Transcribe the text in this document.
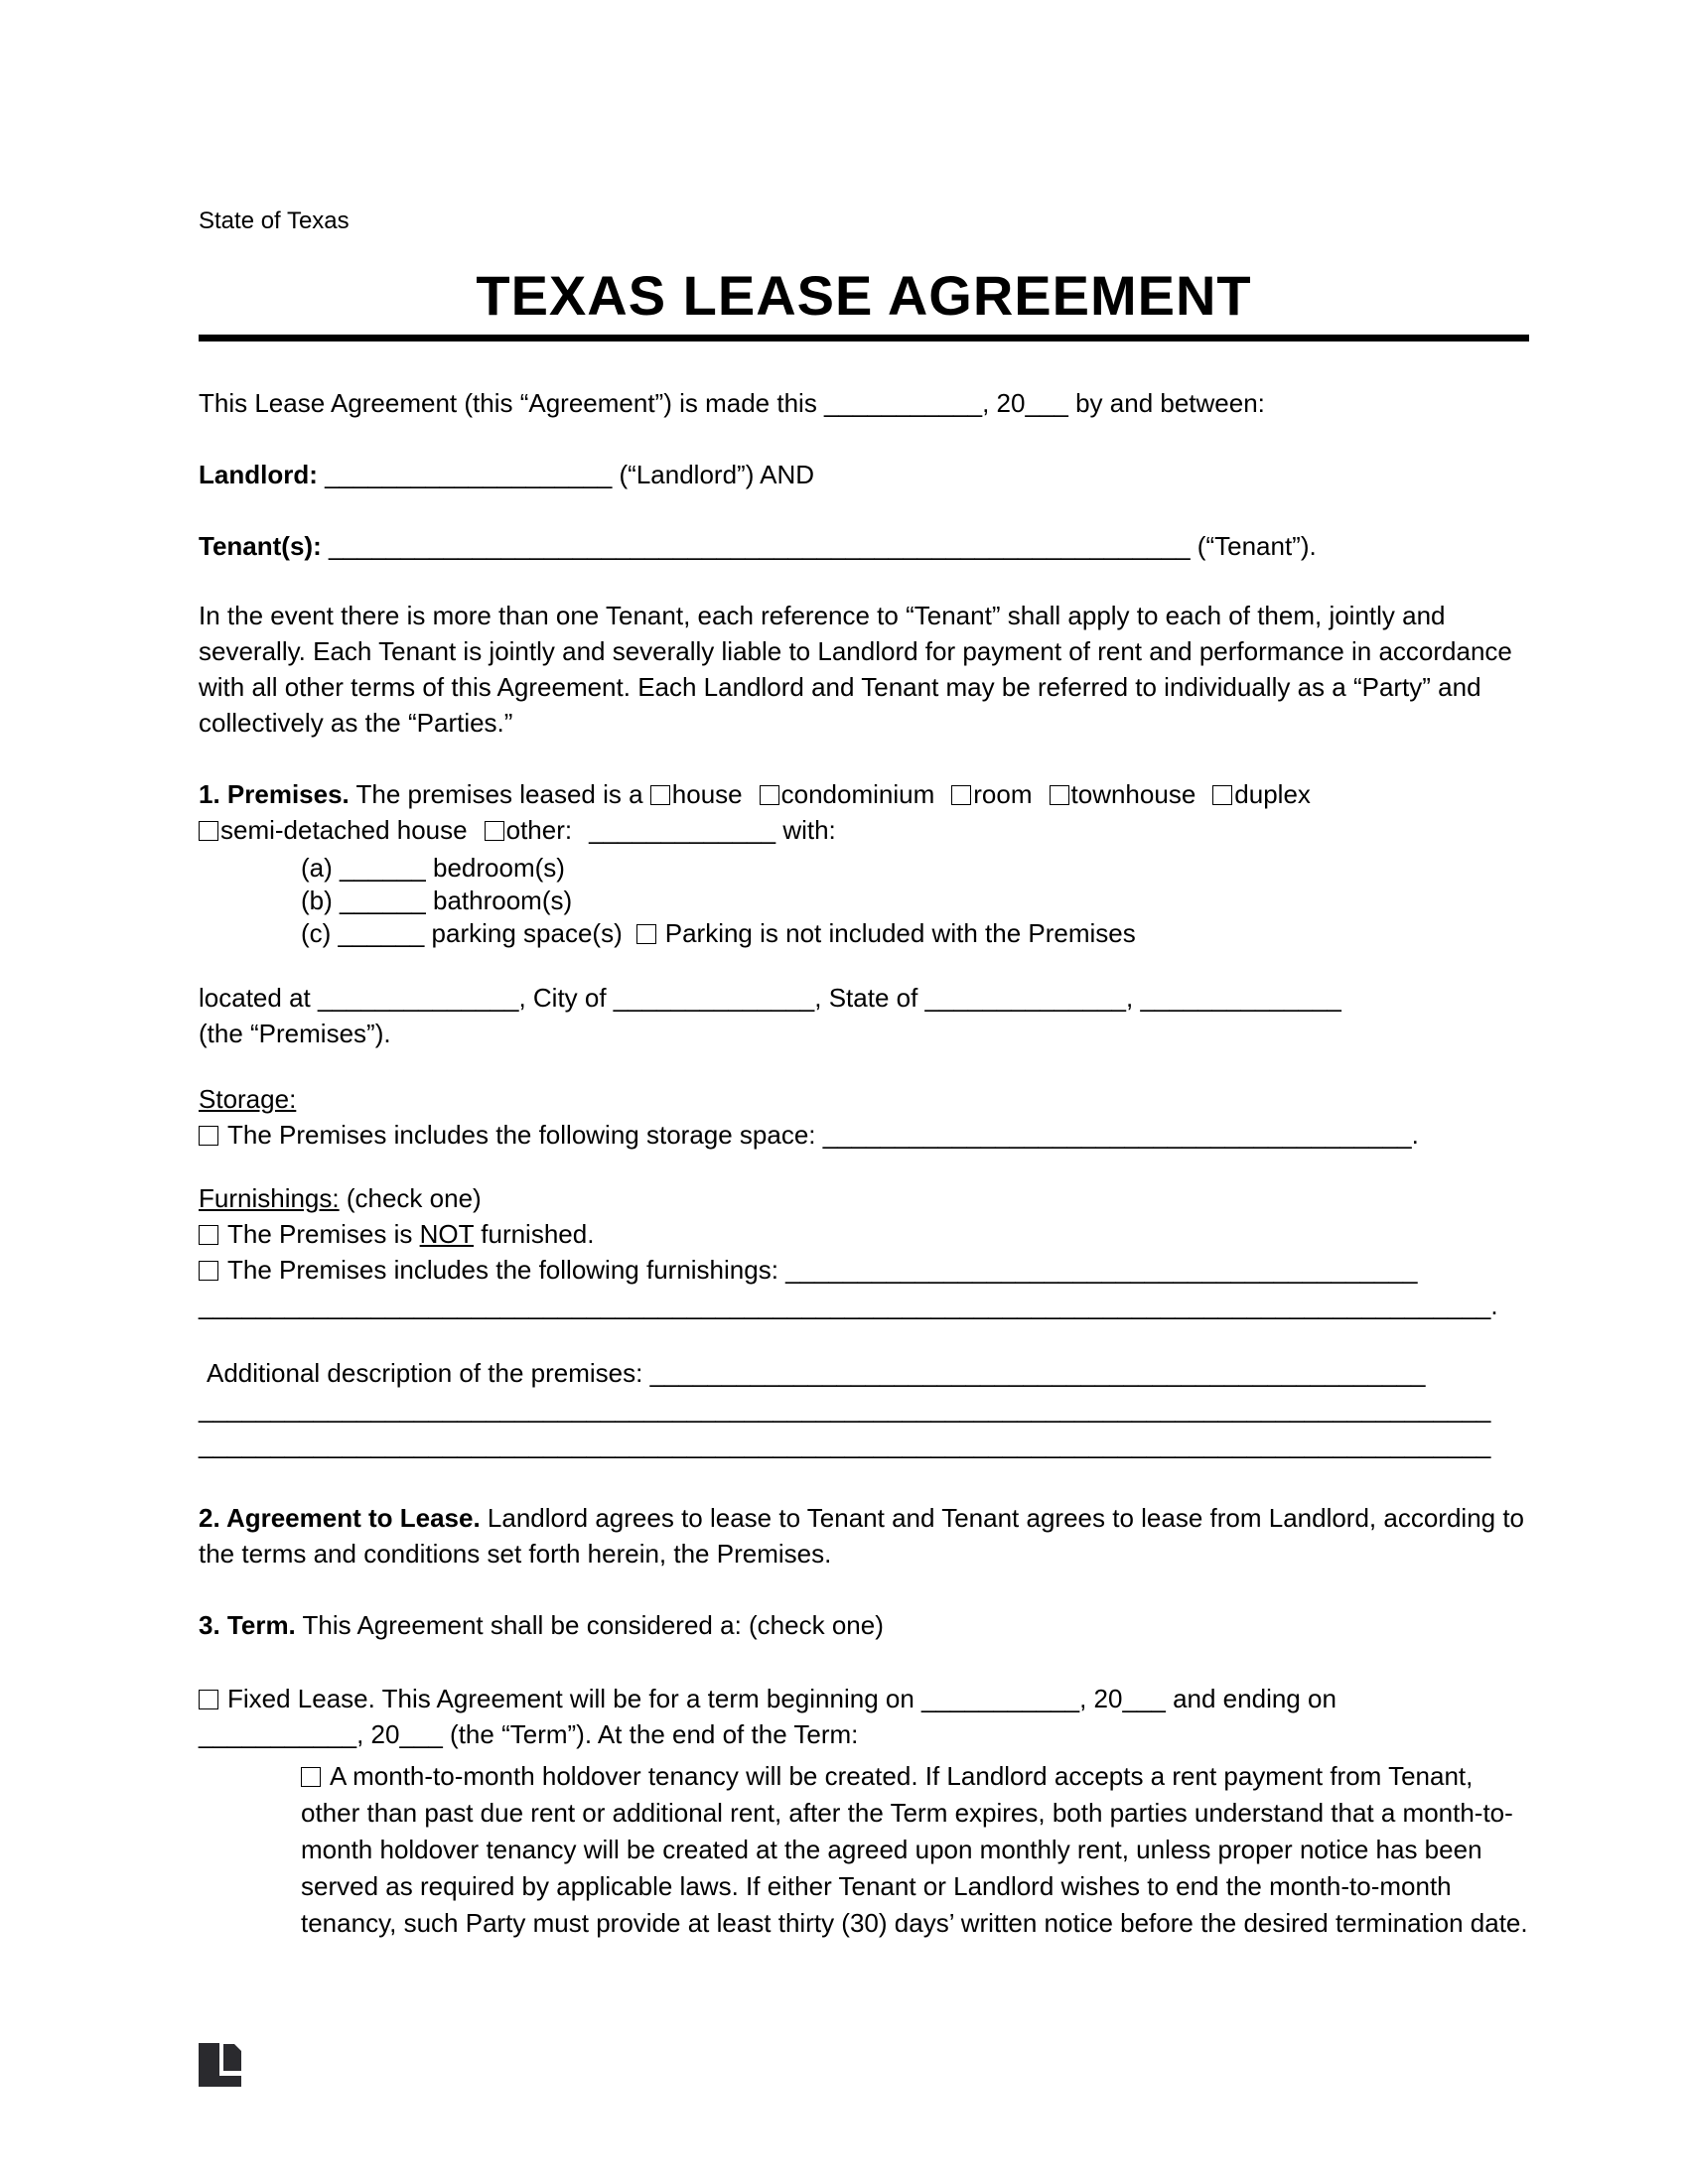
State of Texas

TEXAS LEASE AGREEMENT

This Lease Agreement (this “Agreement”) is made this ___________, 20___ by and between:

Landlord: ____________________ (“Landlord”) AND

Tenant(s): ____________________________________________________________ (“Tenant”).

In the event there is more than one Tenant, each reference to “Tenant” shall apply to each of them, jointly and severally. Each Tenant is jointly and severally liable to Landlord for payment of rent and performance in accordance with all other terms of this Agreement. Each Landlord and Tenant may be referred to individually as a “Party” and collectively as the “Parties.”

1. Premises. The premises leased is a house condominium room townhouse duplex
semi-detached house other: _____________ with:

(a) ______ bedroom(s)

(b) ______ bathroom(s)

(c) ______ parking space(s) Parking is not included with the Premises

located at ______________, City of ______________, State of ______________, ______________
(the “Premises”).

Storage:
The Premises includes the following storage space: _________________________________________.

Furnishings: (check one)
The Premises is NOT furnished.
The Premises includes the following furnishings: ____________________________________________
__________________________________________________________________________________________.

Additional description of the premises: ______________________________________________________
__________________________________________________________________________________________
__________________________________________________________________________________________

2. Agreement to Lease. Landlord agrees to lease to Tenant and Tenant agrees to lease from Landlord, according to the terms and conditions set forth herein, the Premises.

3. Term. This Agreement shall be considered a: (check one)

Fixed Lease. This Agreement will be for a term beginning on ___________, 20___ and ending on
___________, 20___ (the “Term”). At the end of the Term:

A month-to-month holdover tenancy will be created. If Landlord accepts a rent payment from Tenant, other than past due rent or additional rent, after the Term expires, both parties understand that a month-to-month holdover tenancy will be created at the agreed upon monthly rent, unless proper notice has been served as required by applicable laws. If either Tenant or Landlord wishes to end the month-to-month tenancy, such Party must provide at least thirty (30) days’ written notice before the desired termination date.
